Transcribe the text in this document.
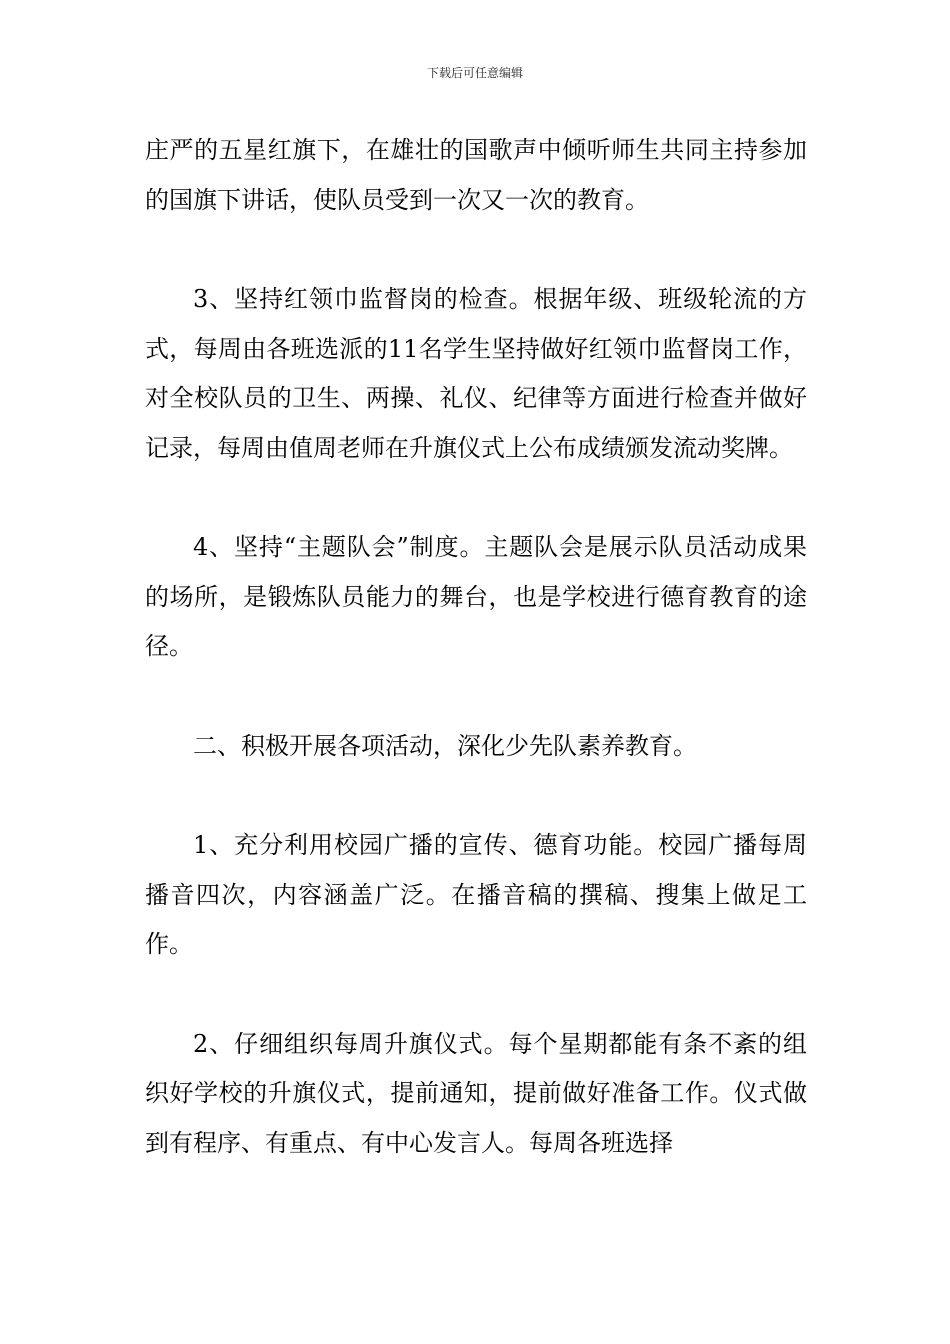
下载后可任意编辑

庄严的五星红旗下，在雄壮的国歌声中倾听师生共同主持参加的国旗下讲话，使队员受到一次又一次的教育。

3、坚持红领巾监督岗的检查。根据年级、班级轮流的方式，每周由各班选派的11名学生坚持做好红领巾监督岗工作，对全校队员的卫生、两操、礼仪、纪律等方面进行检查并做好记录，每周由值周老师在升旗仪式上公布成绩颁发流动奖牌。

4、坚持“主题队会”制度。主题队会是展示队员活动成果的场所，是锻炼队员能力的舞台，也是学校进行德育教育的途径。

二、积极开展各项活动，深化少先队素养教育。

1、充分利用校园广播的宣传、德育功能。校园广播每周播音四次，内容涵盖广泛。在播音稿的撰稿、搜集上做足工作。

2、仔细组织每周升旗仪式。每个星期都能有条不紊的组织好学校的升旗仪式，提前通知，提前做好准备工作。仪式做到有程序、有重点、有中心发言人。每周各班选择
